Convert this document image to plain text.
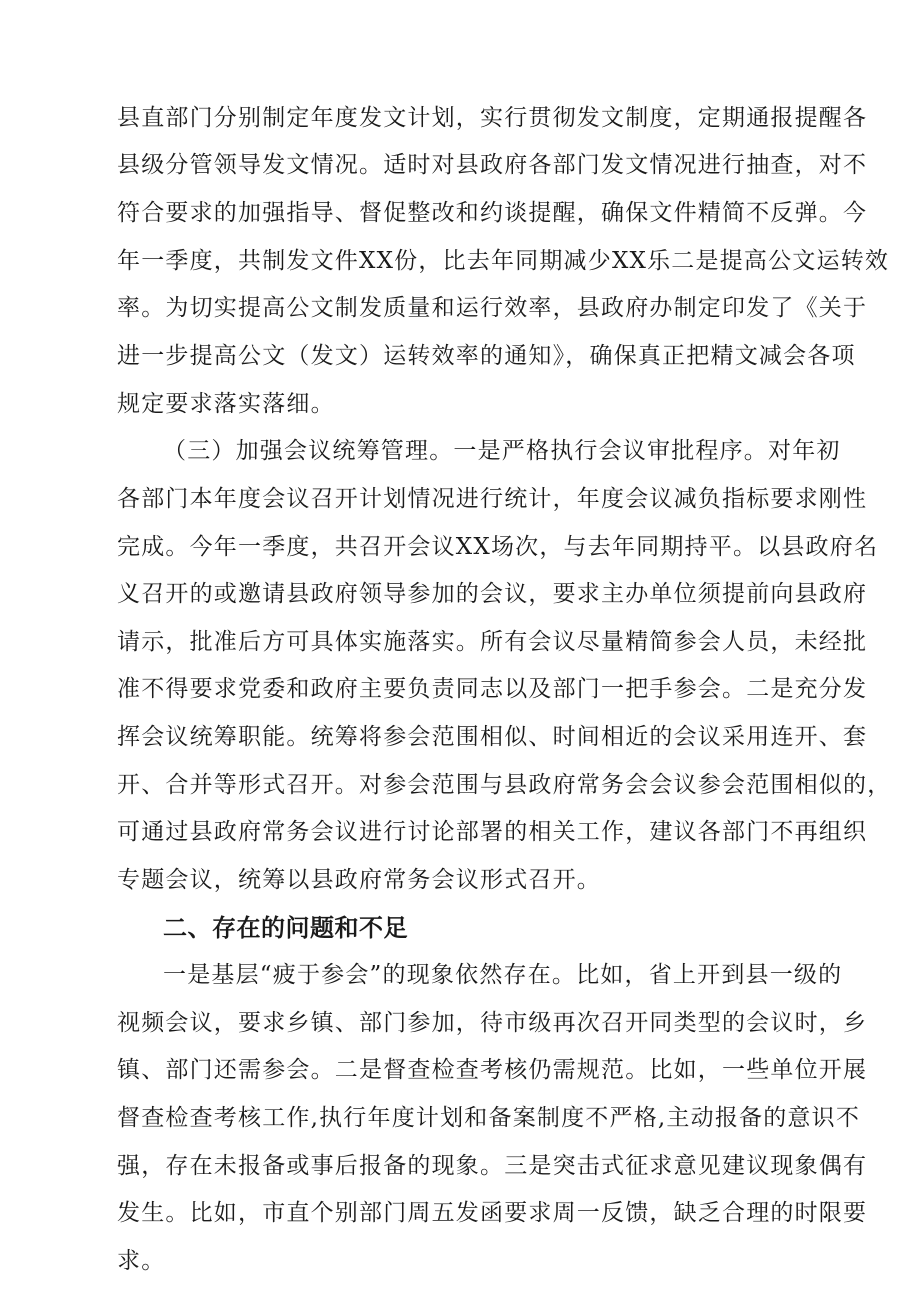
县直部门分别制定年度发文计划，实行贯彻发文制度，定期通报提醒各
县级分管领导发文情况。适时对县政府各部门发文情况进行抽查，对不
符合要求的加强指导、督促整改和约谈提醒，确保文件精简不反弹。今
年一季度，共制发文件XX份，比去年同期减少XX乐二是提高公文运转效
率。为切实提高公文制发质量和运行效率，县政府办制定印发了《关于
进一步提高公文（发文）运转效率的通知》，确保真正把精文减会各项
规定要求落实落细。
（三）加强会议统筹管理。一是严格执行会议审批程序。对年初
各部门本年度会议召开计划情况进行统计，年度会议减负指标要求刚性
完成。今年一季度，共召开会议XX场次，与去年同期持平。以县政府名
义召开的或邀请县政府领导参加的会议，要求主办单位须提前向县政府
请示，批准后方可具体实施落实。所有会议尽量精简参会人员，未经批
准不得要求党委和政府主要负责同志以及部门一把手参会。二是充分发
挥会议统筹职能。统筹将参会范围相似、时间相近的会议采用连开、套
开、合并等形式召开。对参会范围与县政府常务会会议参会范围相似的，
可通过县政府常务会议进行讨论部署的相关工作，建议各部门不再组织
专题会议，统筹以县政府常务会议形式召开。
二、存在的问题和不足
一是基层“疲于参会”的现象依然存在。比如，省上开到县一级的
视频会议，要求乡镇、部门参加，待市级再次召开同类型的会议时，乡
镇、部门还需参会。二是督查检查考核仍需规范。比如，一些单位开展
督查检查考核工作,执行年度计划和备案制度不严格,主动报备的意识不
强，存在未报备或事后报备的现象。三是突击式征求意见建议现象偶有
发生。比如，市直个别部门周五发函要求周一反馈，缺乏合理的时限要
求。
